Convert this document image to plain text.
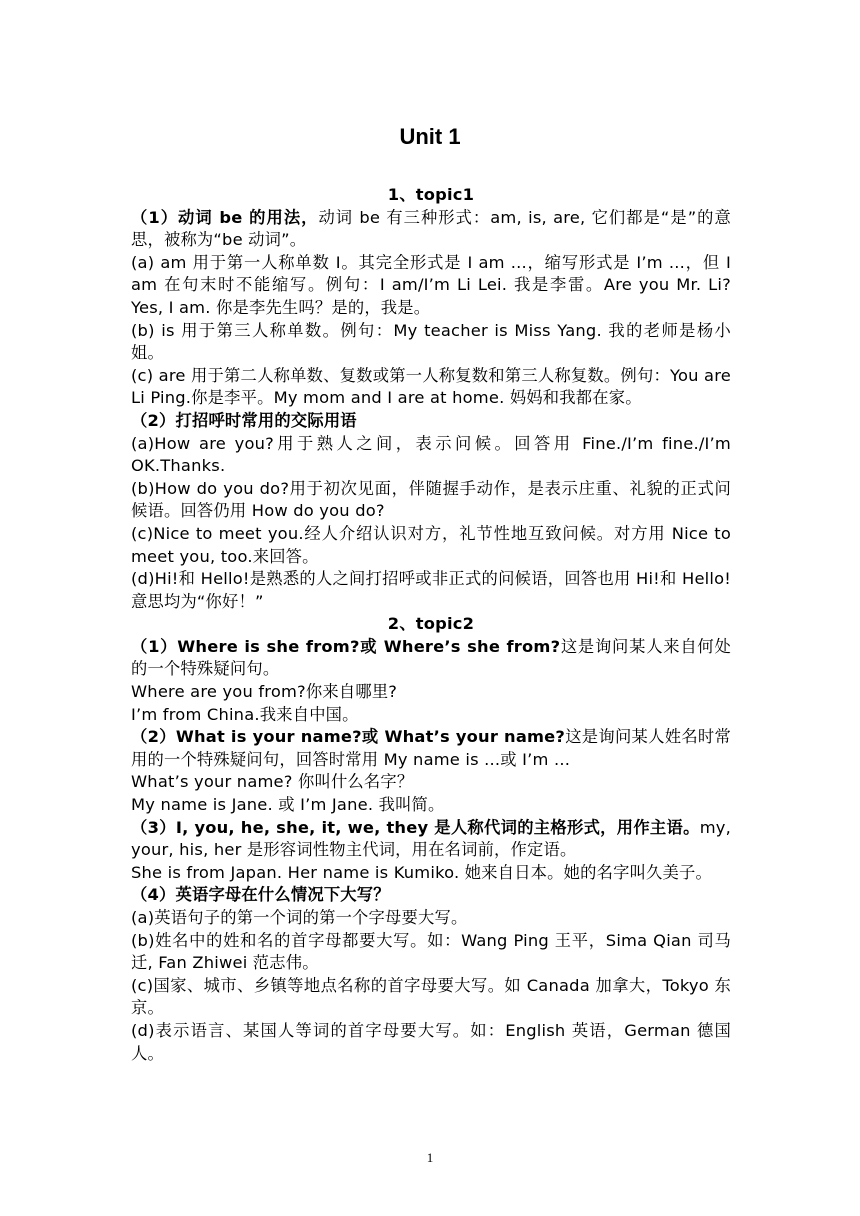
Unit 1
1、topic1

（1）动词 be 的用法，动词 be 有三种形式：am, is, are, 它们都是“是”的意思，被称为“be 动词”。

(a) am 用于第一人称单数 I。其完全形式是 I am ...，缩写形式是 I’m ...，但 I am 在句末时不能缩写。例句：I am/I’m Li Lei. 我是李雷。Are you Mr. Li? Yes, I am. 你是李先生吗？是的，我是。

(b) is 用于第三人称单数。例句：My teacher is Miss Yang. 我的老师是杨小姐。

(c) are 用于第二人称单数、复数或第一人称复数和第三人称复数。例句：You are Li Ping.你是李平。My mom and I are at home. 妈妈和我都在家。

（2）打招呼时常用的交际用语

(a)How are you?用于熟人之间，表示问候。回答用 Fine./I’m fine./I’m OK.Thanks.

(b)How do you do?用于初次见面，伴随握手动作，是表示庄重、礼貌的正式问候语。回答仍用 How do you do?

(c)Nice to meet you.经人介绍认识对方，礼节性地互致问候。对方用 Nice to meet you, too.来回答。

(d)Hi!和 Hello!是熟悉的人之间打招呼或非正式的问候语，回答也用 Hi!和 Hello!意思均为“你好！”

2、topic2

（1）Where is she from?或 Where’s she from?这是询问某人来自何处的一个特殊疑问句。

Where are you from?你来自哪里?

I’m from China.我来自中国。

（2）What is your name?或 What’s your name?这是询问某人姓名时常用的一个特殊疑问句，回答时常用 My name is ...或 I’m ...

What’s your name? 你叫什么名字？

My name is Jane. 或 I’m Jane. 我叫简。

（3）I, you, he, she, it, we, they 是人称代词的主格形式，用作主语。my, your, his, her 是形容词性物主代词，用在名词前，作定语。

She is from Japan. Her name is Kumiko. 她来自日本。她的名字叫久美子。

（4）英语字母在什么情况下大写？

(a)英语句子的第一个词的第一个字母要大写。

(b)姓名中的姓和名的首字母都要大写。如：Wang Ping 王平，Sima Qian 司马迁, Fan Zhiwei 范志伟。

(c)国家、城市、乡镇等地点名称的首字母要大写。如 Canada 加拿大，Tokyo 东京。

(d)表示语言、某国人等词的首字母要大写。如：English 英语，German 德国人。

1
